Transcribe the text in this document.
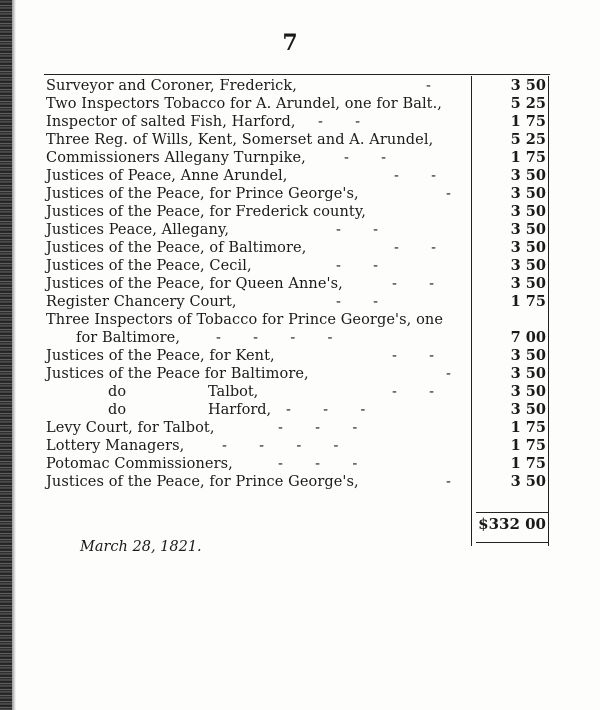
7
Surveyor and Coroner, Frederick,	-	3 50
Two Inspectors Tobacco for A. Arundel, one for Balt.,	5 25
Inspector of salted Fish, Harford, -       -	1 75
Three Reg. of Wills, Kent, Somerset and A. Arundel,	5 25
Commissioners Allegany Turnpike,	-       -	1 75
Justices of Peace, Anne Arundel,	-       -	3 50
Justices of the Peace, for Prince George's,	-	3 50
Justices of the Peace, for Frederick county,	3 50
Justices Peace, Allegany,	-       -	3 50
Justices of the Peace, of Baltimore,	-       -	3 50
Justices of the Peace, Cecil,	-       -	3 50
Justices of the Peace, for Queen Anne's,	-       -	3 50
Register Chancery Court,	-       -	1 75
Three Inspectors of Tobacco for Prince George's, one
for Baltimore, -       -       -       -	7 00
Justices of the Peace, for Kent,	-       -	3 50
Justices of the Peace for Baltimore,	-	3 50
do	Talbot,	-       -	3 50
do	Harford, -       -       -	3 50
Levy Court, for Talbot,	-       -       -	1 75
Lottery Managers,	-       -       -       -	1 75
Potomac Commissioners,	-       -       -	1 75
Justices of the Peace, for Prince George's,	-	3 50
$332 00
March 28, 1821.
